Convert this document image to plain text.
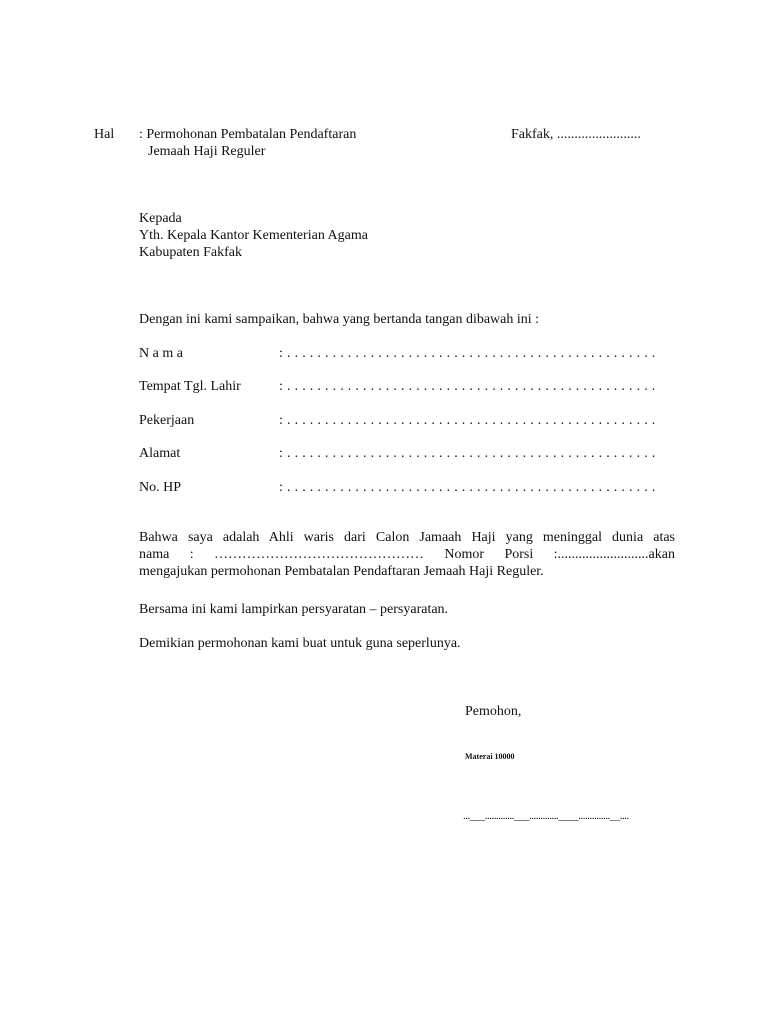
Hal : Permohonan Pembatalan Pendaftaran
Jemaah Haji Reguler
Fakfak, ........................
Kepada
Yth. Kepala Kantor Kementerian Agama
Kabupaten Fakfak
Dengan ini kami sampaikan, bahwa yang bertanda tangan dibawah ini :
N a m a	: . . . . . . . . . . . . . . . . . . . . . . . . . . . . . . . . . . . . . . . . . . . . . . . . .
Tempat Tgl. Lahir	: . . . . . . . . . . . . . . . . . . . . . . . . . . . . . . . . . . . . . . . . . . . . . . . . .
Pekerjaan	: . . . . . . . . . . . . . . . . . . . . . . . . . . . . . . . . . . . . . . . . . . . . . . . . .
Alamat	: . . . . . . . . . . . . . . . . . . . . . . . . . . . . . . . . . . . . . . . . . . . . . . . . .
No. HP	: . . . . . . . . . . . . . . . . . . . . . . . . . . . . . . . . . . . . . . . . . . . . . . . . .
Bahwa saya adalah Ahli waris dari Calon Jamaah Haji yang meninggal dunia atas
nama : ……………………………………… Nomor Porsi :..........................akan
mengajukan permohonan Pembatalan Pendaftaran Jemaah Haji Reguler.
Bersama ini kami lampirkan persyaratan – persyaratan.
Demikian permohonan kami buat untuk guna seperlunya.
Pemohon,
Materai 10000
...___.............___.............____..............__....
